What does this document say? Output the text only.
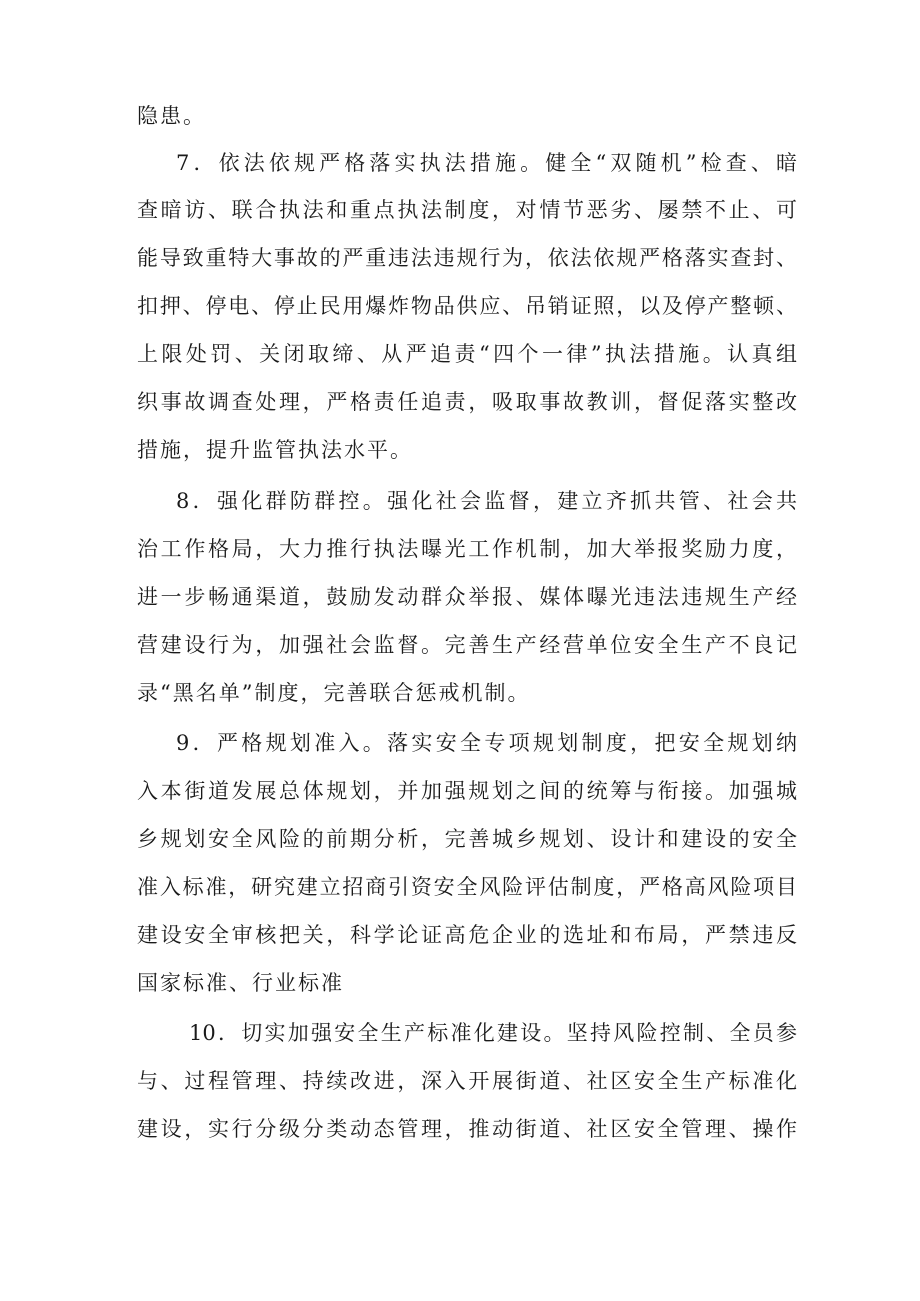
隐患。
7．依法依规严格落实执法措施。健全“双随机”检查、暗
查暗访、联合执法和重点执法制度，对情节恶劣、屡禁不止、可
能导致重特大事故的严重违法违规行为，依法依规严格落实查封、
扣押、停电、停止民用爆炸物品供应、吊销证照，以及停产整顿、
上限处罚、关闭取缔、从严追责“四个一律”执法措施。认真组
织事故调查处理，严格责任追责，吸取事故教训，督促落实整改
措施，提升监管执法水平。
8．强化群防群控。强化社会监督，建立齐抓共管、社会共
治工作格局，大力推行执法曝光工作机制，加大举报奖励力度，
进一步畅通渠道，鼓励发动群众举报、媒体曝光违法违规生产经
营建设行为，加强社会监督。完善生产经营单位安全生产不良记
录“黑名单”制度，完善联合惩戒机制。
9．严格规划准入。落实安全专项规划制度，把安全规划纳
入本街道发展总体规划，并加强规划之间的统筹与衔接。加强城
乡规划安全风险的前期分析，完善城乡规划、设计和建设的安全
准入标准，研究建立招商引资安全风险评估制度，严格高风险项目
建设安全审核把关，科学论证高危企业的选址和布局，严禁违反
国家标准、行业标准
10．切实加强安全生产标准化建设。坚持风险控制、全员参
与、过程管理、持续改进，深入开展街道、社区安全生产标准化
建设，实行分级分类动态管理，推动街道、社区安全管理、操作
